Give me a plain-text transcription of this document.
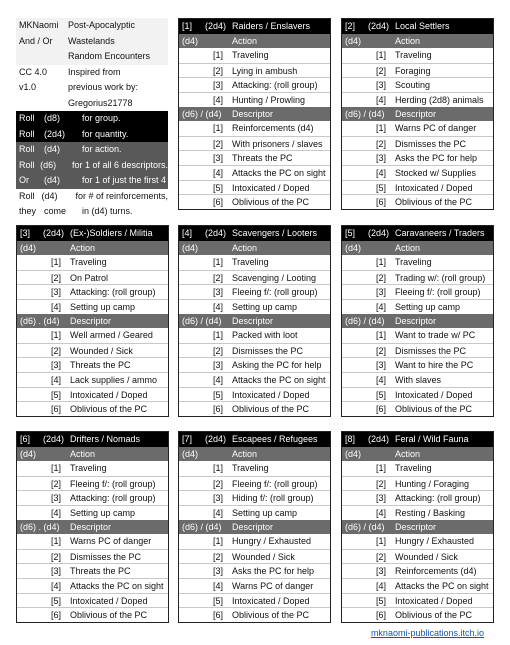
MKNaomi	Post-Apocalyptic
And / Or	Wastelands
Random Encounters
CC 4.0	Inspired from
v1.0	previous work by:
Gregorius21778
Roll	(d8)	for group.
Roll	(2d4)	for quantity.
Roll	(d4)	for action.
Roll (d6)	for 1 of all 6 descriptors.
Or	(d4)	for 1 of just the first 4
Roll (d4)	for # of reinforcements,
they come	in (d4) turns.
[1]	(2d4) Raiders / Enslavers
(d4)	Action
[1] Traveling
[2] Lying in ambush
[3] Attacking: (roll group)
[4] Hunting / Prowling
(d6) / (d4)	Descriptor
[1] Reinforcements (d4)
[2] With prisoners / slaves
[3] Threats the PC
[4] Attacks the PC on sight
[5] Intoxicated / Doped
[6] Oblivious of the PC
[2]	(2d4) Local Settlers
(d4)	Action
[1] Traveling
[2] Foraging
[3] Scouting
[4] Herding (2d8) animals
(d6) / (d4)	Descriptor
[1] Warns PC of danger
[2] Dismisses the PC
[3] Asks the PC for help
[4] Stocked w/ Supplies
[5] Intoxicated / Doped
[6] Oblivious of the PC
[3]	(2d4) (Ex-)Soldiers / Militia
(d4)	Action
[1] Traveling
[2] On Patrol
[3] Attacking: (roll group)
[4] Setting up camp
(d6) . (d4)	Descriptor
[1] Well armed / Geared
[2] Wounded / Sick
[3] Threats the PC
[4] Lack supplies / ammo
[5] Intoxicated / Doped
[6] Oblivious of the PC
[4]	(2d4) Scavengers / Looters
(d4)	Action
[1] Traveling
[2] Scavenging / Looting
[3] Fleeing f/: (roll group)
[4] Setting up camp
(d6) / (d4)	Descriptor
[1] Packed with loot
[2] Dismisses the PC
[3] Asking the PC for help
[4] Attacks the PC on sight
[5] Intoxicated / Doped
[6] Oblivious of the PC
[5]	(2d4) Caravaneers / Traders
(d4)	Action
[1] Traveling
[2] Trading w/: (roll group)
[3] Fleeing f/: (roll group)
[4] Setting up camp
(d6) / (d4)	Descriptor
[1] Want to trade w/ PC
[2] Dismisses the PC
[3] Want to hire the PC
[4] With slaves
[5] Intoxicated / Doped
[6] Oblivious of the PC
[6]	(2d4) Drifters / Nomads
(d4)	Action
[1] Traveling
[2] Fleeing f/: (roll group)
[3] Attacking: (roll group)
[4] Setting up camp
(d6) . (d4)	Descriptor
[1] Warns PC of danger
[2] Dismisses the PC
[3] Threats the PC
[4] Attacks the PC on sight
[5] Intoxicated / Doped
[6] Oblivious of the PC
[7]	(2d4) Escapees / Refugees
(d4)	Action
[1] Traveling
[2] Fleeing f/: (roll group)
[3] Hiding f/: (roll group)
[4] Setting up camp
(d6) / (d4)	Descriptor
[1] Hungry / Exhausted
[2] Wounded / Sick
[3] Asks the PC for help
[4] Warns PC of danger
[5] Intoxicated / Doped
[6] Oblivious of the PC
[8]	(2d4) Feral / Wild Fauna
(d4)	Action
[1] Traveling
[2] Hunting / Foraging
[3] Attacking: (roll group)
[4] Resting / Basking
(d6) / (d4)	Descriptor
[1] Hungry / Exhausted
[2] Wounded / Sick
[3] Reinforcements (d4)
[4] Attacks the PC on sight
[5] Intoxicated / Doped
[6] Oblivious of the PC
mknaomi-publications.itch.io
